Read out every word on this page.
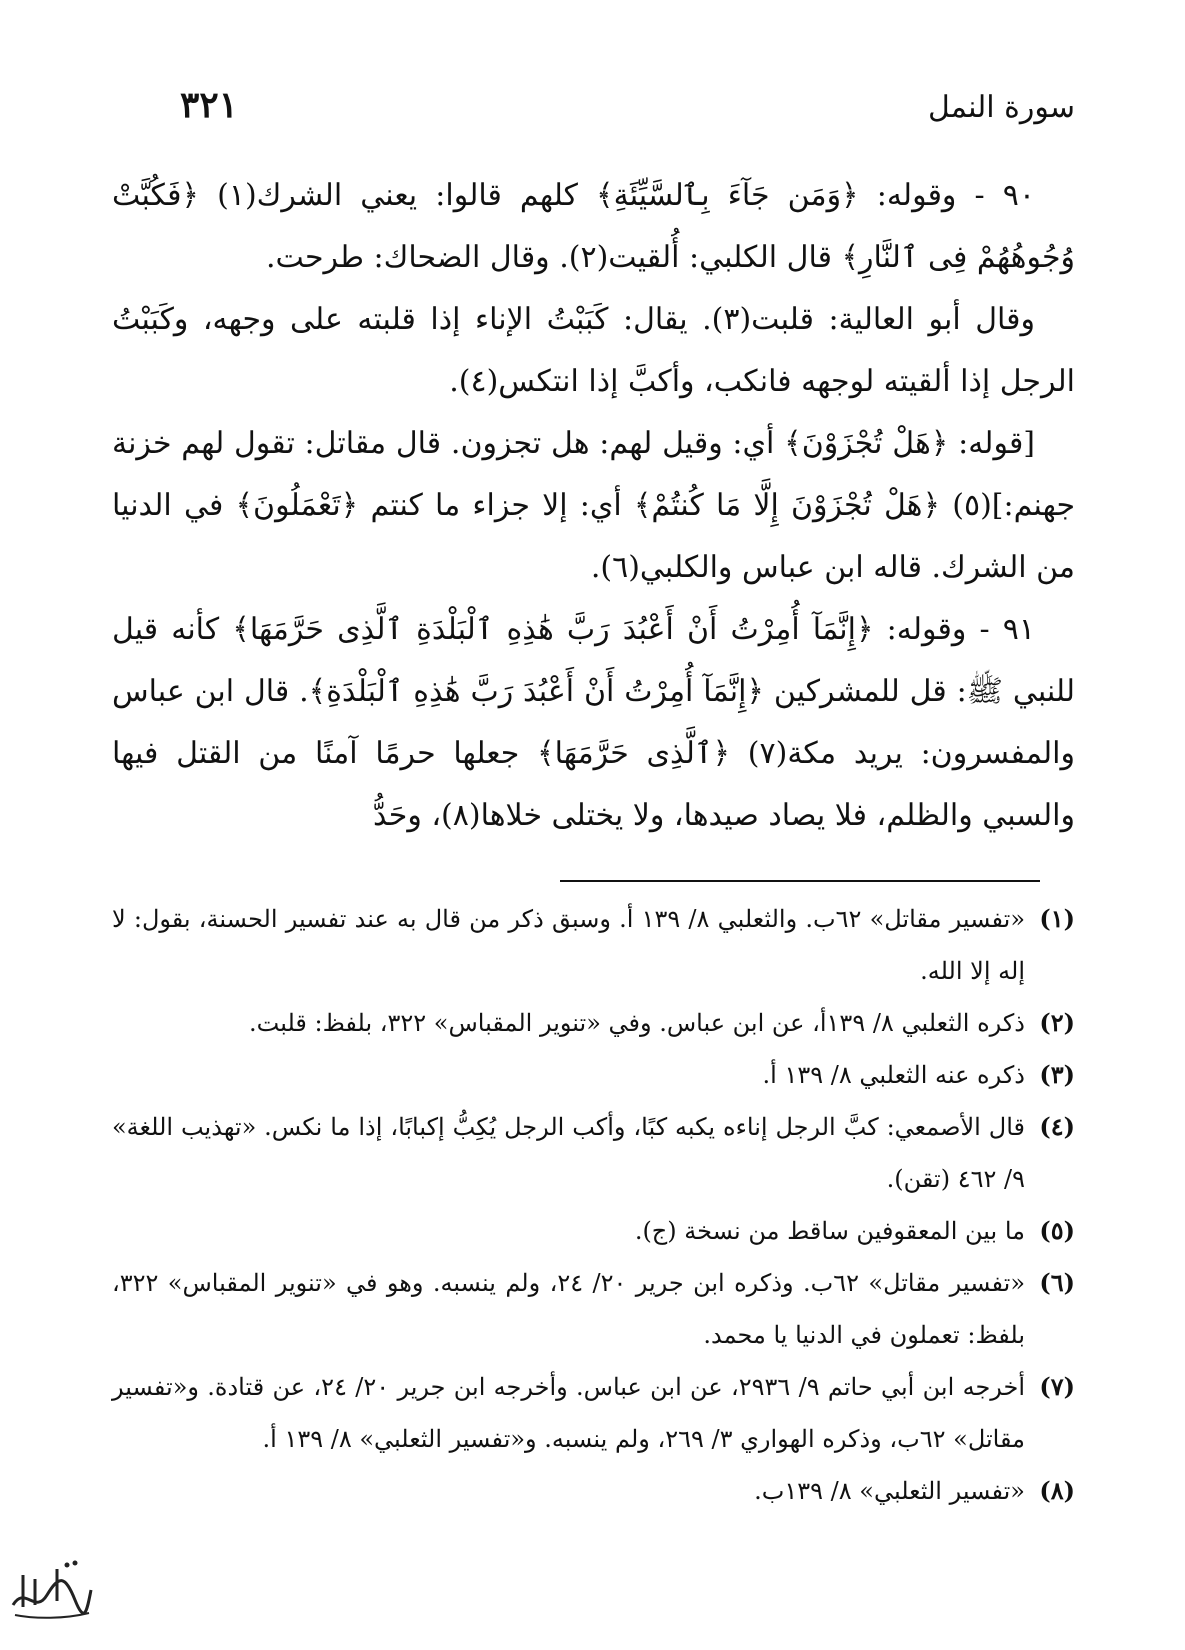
سورة النمل
٣٢١

٩٠ - وقوله: ﴿وَمَن جَآءَ بِٱلسَّيِّئَةِ﴾ كلهم قالوا: يعني الشرك(١) ﴿فَكُبَّتْ وُجُوهُهُمْ فِى ٱلنَّارِ﴾ قال الكلبي: أُلقيت(٢). وقال الضحاك: طرحت.

وقال أبو العالية: قلبت(٣). يقال: كَبَبْتُ الإناء إذا قلبته على وجهه، وكَبَبْتُ الرجل إذا ألقيته لوجهه فانكب، وأكبَّ إذا انتكس(٤).

[قوله: ﴿هَلْ تُجْزَوْنَ﴾ أي: وقيل لهم: هل تجزون. قال مقاتل: تقول لهم خزنة جهنم:](٥) ﴿هَلْ تُجْزَوْنَ إِلَّا مَا كُنتُمْ﴾ أي: إلا جزاء ما كنتم ﴿تَعْمَلُونَ﴾ في الدنيا من الشرك. قاله ابن عباس والكلبي(٦).

٩١ - وقوله: ﴿إِنَّمَآ أُمِرْتُ أَنْ أَعْبُدَ رَبَّ هَٰذِهِ ٱلْبَلْدَةِ ٱلَّذِى حَرَّمَهَا﴾ كأنه قيل للنبي ﷺ: قل للمشركين ﴿إِنَّمَآ أُمِرْتُ أَنْ أَعْبُدَ رَبَّ هَٰذِهِ ٱلْبَلْدَةِ﴾. قال ابن عباس والمفسرون: يريد مكة(٧) ﴿ٱلَّذِى حَرَّمَهَا﴾ جعلها حرمًا آمنًا من القتل فيها والسبي والظلم، فلا يصاد صيدها، ولا يختلى خلاها(٨)، وحَدُّ

(١)
«تفسير مقاتل» ٦٢ب. والثعلبي ٨/ ١٣٩ أ. وسبق ذكر من قال به عند تفسير الحسنة، بقول: لا إله إلا الله.
(٢)
ذكره الثعلبي ٨/ ١٣٩أ، عن ابن عباس. وفي «تنوير المقباس» ٣٢٢، بلفظ: قلبت.
(٣)
ذكره عنه الثعلبي ٨/ ١٣٩ أ.
(٤)
قال الأصمعي: كبَّ الرجل إناءه يكبه كبًا، وأكب الرجل يُكِبُّ إكبابًا، إذا ما نكس. «تهذيب اللغة» ٩/ ٤٦٢ (تقن).
(٥)
ما بين المعقوفين ساقط من نسخة (ج).
(٦)
«تفسير مقاتل» ٦٢ب. وذكره ابن جرير ٢٠/ ٢٤، ولم ينسبه. وهو في «تنوير المقباس» ٣٢٢، بلفظ: تعملون في الدنيا يا محمد.
(٧)
أخرجه ابن أبي حاتم ٩/ ٢٩٣٦، عن ابن عباس. وأخرجه ابن جرير ٢٠/ ٢٤، عن قتادة. و«تفسير مقاتل» ٦٢ب، وذكره الهواري ٣/ ٢٦٩، ولم ينسبه. و«تفسير الثعلبي» ٨/ ١٣٩ أ.
(٨)
«تفسير الثعلبي» ٨/ ١٣٩ب.
